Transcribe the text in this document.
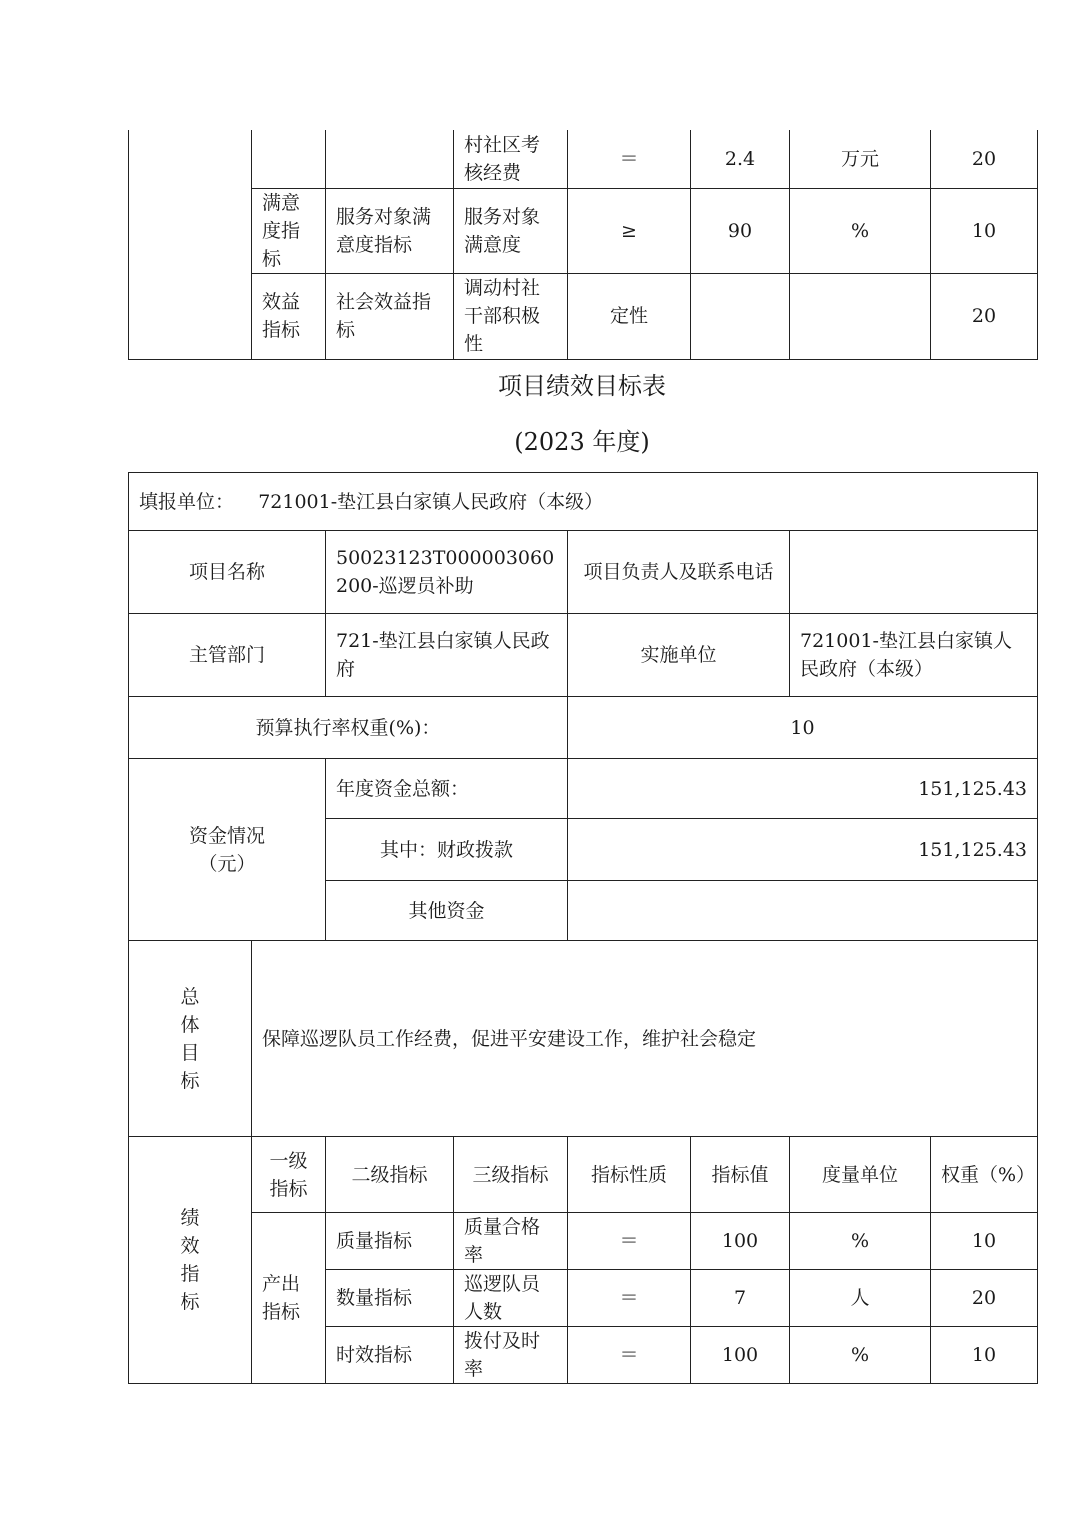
			村社区考核经费	＝	2.4	万元	20
	满意度指标	服务对象满意度指标	服务对象满意度	≥	90	%	10
	效益指标	社会效益指标	调动村社干部积极性	定性			20
项目绩效目标表
(2023 年度)
填报单位： 721001-垫江县白家镇人民政府（本级）							
项目名称		50023123T000003060200-巡逻员补助		项目负责人及联系电话			
主管部门		721-垫江县白家镇人民政府		实施单位		721001-垫江县白家镇人民政府（本级）	
预算执行率权重(%)：				10			

资金情况（元）		年度资金总额：		151,125.43			
		其中：财政拨款		151,125.43			
		其他资金					

总体目标	保障巡逻队员工作经费，促进平安建设工作，维护社会稳定						

绩效指标	一级指标	二级指标	三级指标	指标性质	指标值	度量单位	权重（%）
	产出指标	质量指标	质量合格率	＝	100	%	10
		数量指标	巡逻队员人数	＝	7	人	20
		时效指标	拨付及时率	＝	100	%	10
